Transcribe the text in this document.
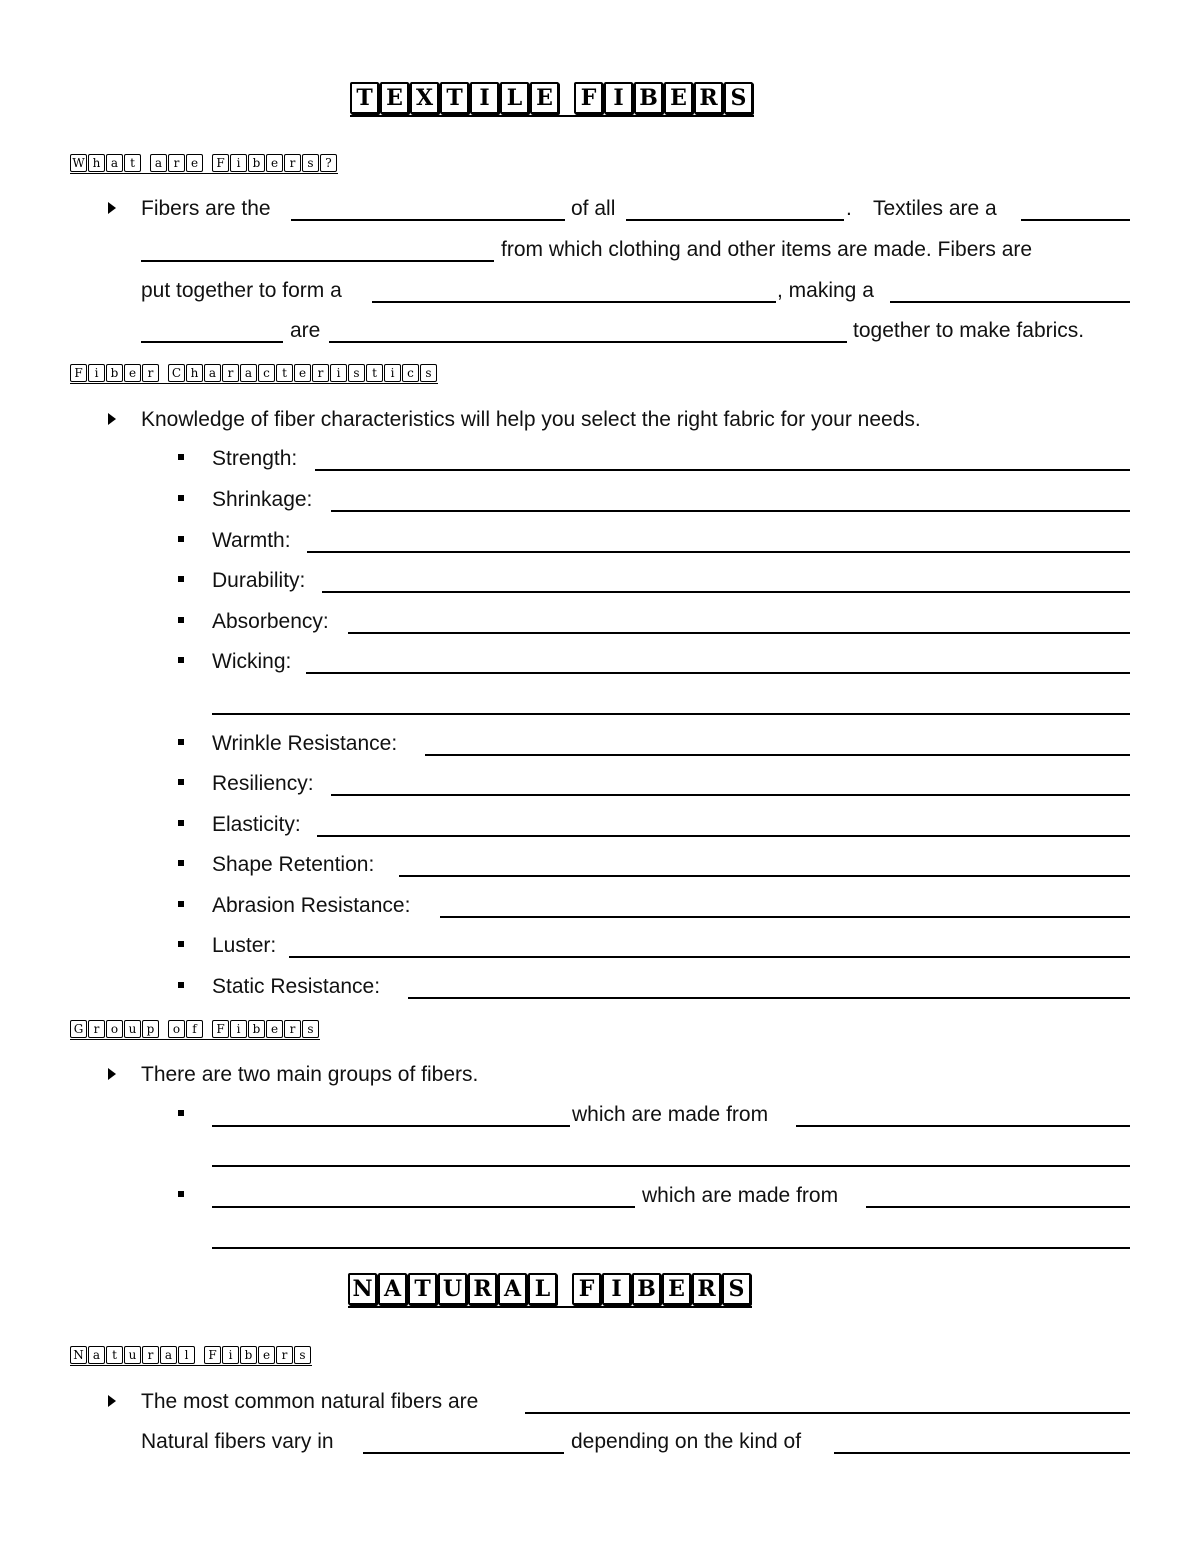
T E X T I L E	F I B E R S
W h a	t	a r e	F i	b e r	s ?
Fibers are the	of all	. Textiles are a
from which clothing and other items are made. Fibers are
put together to form a	, making a
are	together to make fabrics.
F i	b e r	C h a r a c	t	e r	i	s	t	i	c s
Knowledge of fiber characteristics will help you select the right fabric for your needs.
Strength:
Shrinkage:
Warmth:
Durability:
Absorbency:
Wicking:
Wrinkle Resistance:
Resiliency:
Elasticity:
Shape Retention:
Abrasion Resistance:
Luster:
Static Resistance:
G r o u p	o	f	F i	b e r	s
There are two main groups of fibers.
which are made from
which are made from
N A T U R A L	F I B E R S
N a	t u r a	l	F i	b e r	s
The most common natural fibers are
Natural fibers vary in	depending on the kind of
